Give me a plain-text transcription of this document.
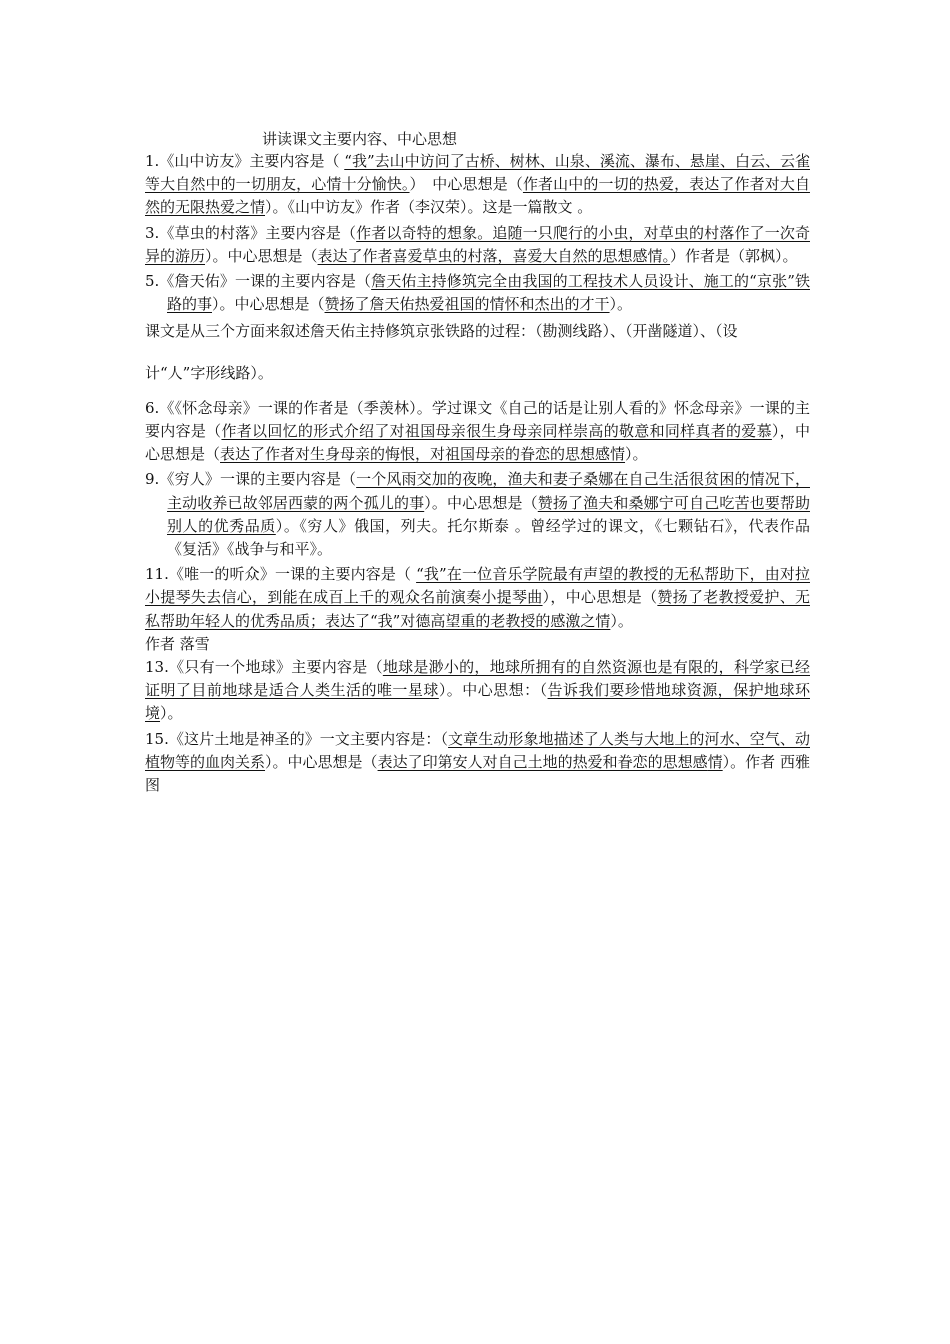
讲读课文主要内容、中心思想

1.《山中访友》主要内容是（ “我”去山中访问了古桥、树林、山泉、溪流、瀑布、悬崖、白云、云雀等大自然中的一切朋友，心情十分愉快。）　中心思想是（作者山中的一切的热爱，表达了作者对大自然的无限热爱之情）。《山中访友》作者（李汉荣）。这是一篇散文 。

3.《草虫的村落》主要内容是（作者以奇特的想象。追随一只爬行的小虫，对草虫的村落作了一次奇异的游历）。中心思想是（表达了作者喜爱草虫的村落，喜爱大自然的思想感情。）作者是（郭枫）。

5.《詹天佑》一课的主要内容是（詹天佑主持修筑完全由我国的工程技术人员设计、施工的“京张”铁路的事）。中心思想是（赞扬了詹天佑热爱祖国的情怀和杰出的才干）。

课文是从三个方面来叙述詹天佑主持修筑京张铁路的过程：（勘测线路）、（开凿隧道）、（设

计“人”字形线路）。

6.《《怀念母亲》一课的作者是（季羡林）。学过课文《自己的话是让别人看的》怀念母亲》一课的主要内容是（作者以回忆的形式介绍了对祖国母亲很生身母亲同样崇高的敬意和同样真者的爱慕），中心思想是（表达了作者对生身母亲的悔恨，对祖国母亲的眷恋的思想感情）。

9.《穷人》一课的主要内容是（一个风雨交加的夜晚，渔夫和妻子桑娜在自己生活很贫困的情况下，主动收养已故邻居西蒙的两个孤儿的事）。中心思想是（赞扬了渔夫和桑娜宁可自己吃苦也要帮助别人的优秀品质）。《穷人》俄国，列夫。托尔斯泰 。曾经学过的课文，《七颗钻石》，代表作品《复活》《战争与和平》。

11.《唯一的听众》一课的主要内容是（ “我”在一位音乐学院最有声望的教授的无私帮助下，由对拉小提琴失去信心，到能在成百上千的观众名前演奏小提琴曲），中心思想是（赞扬了老教授爱护、无私帮助年轻人的优秀品质；表达了“我”对德高望重的老教授的感激之情）。

作者 落雪

13.《只有一个地球》主要内容是（地球是渺小的，地球所拥有的自然资源也是有限的，科学家已经证明了目前地球是适合人类生活的唯一星球）。中心思想：（告诉我们要珍惜地球资源，保护地球环境）。

15.《这片土地是神圣的》一文主要内容是：（文章生动形象地描述了人类与大地上的河水、空气、动植物等的血肉关系）。中心思想是（表达了印第安人对自己土地的热爱和眷恋的思想感情）。作者 西雅图
